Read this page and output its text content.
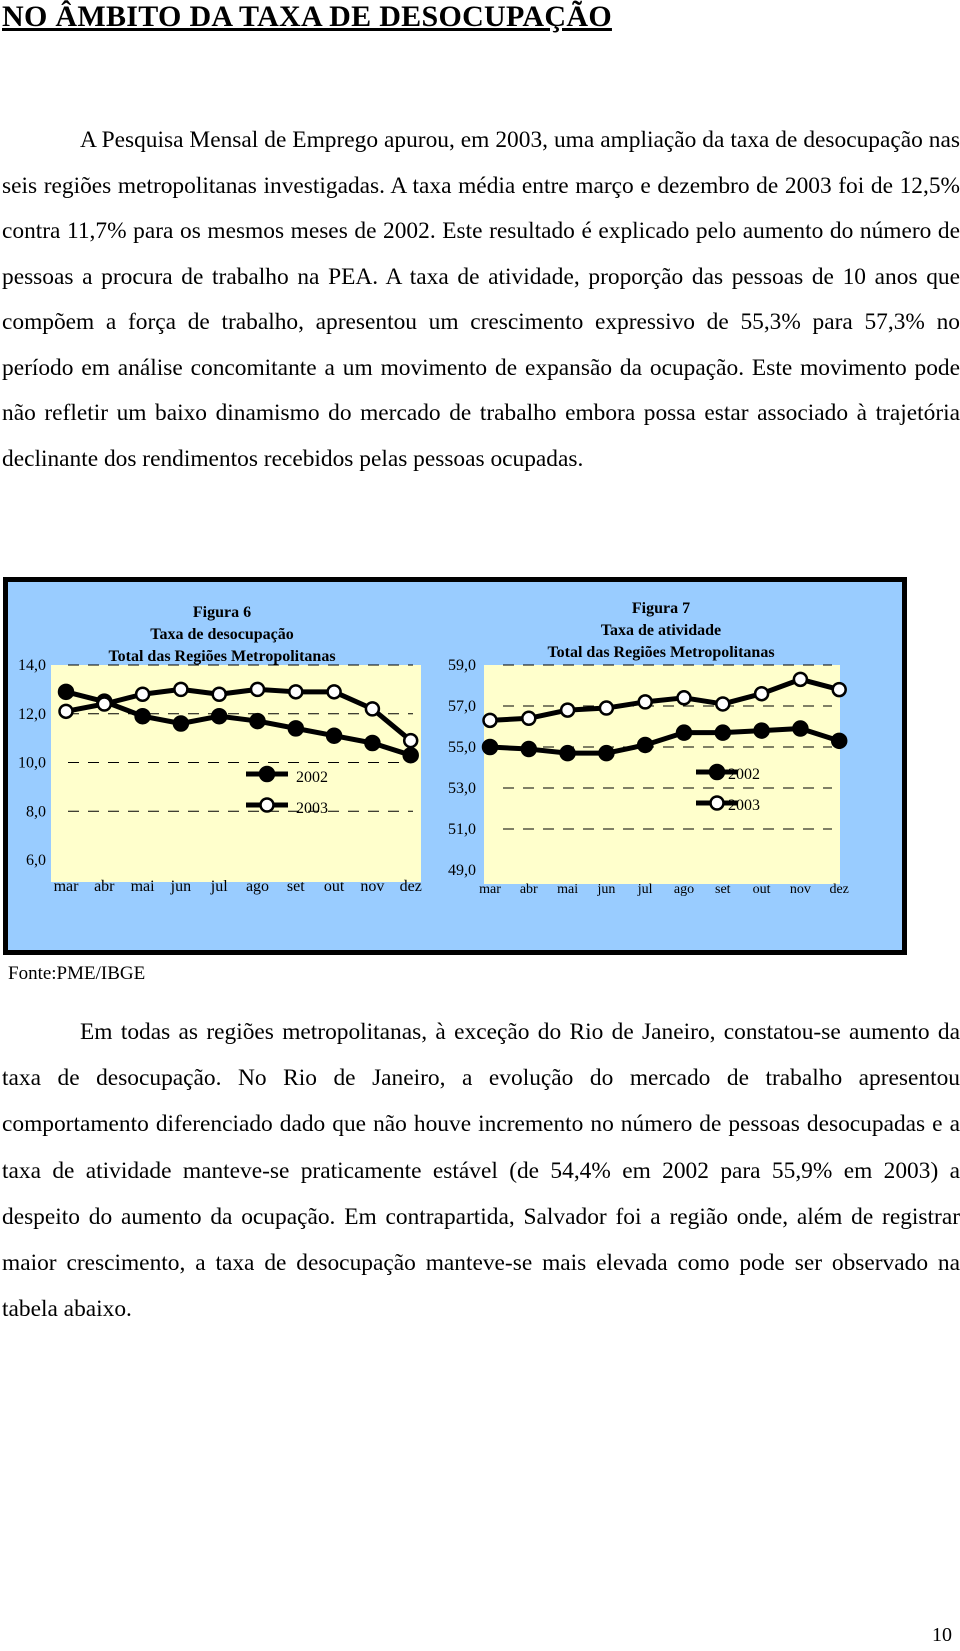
NO ÂMBITO DA TAXA DE DESOCUPAÇÃO

A Pesquisa Mensal de Emprego apurou, em 2003, uma ampliação da taxa de desocupação nas seis regiões metropolitanas investigadas. A taxa média entre março e dezembro de 2003 foi de 12,5% contra 11,7% para os mesmos meses de 2002. Este resultado é explicado pelo aumento do número de pessoas a procura de trabalho na PEA. A taxa de atividade, proporção das pessoas de 10 anos que compõem a força de trabalho, apresentou um crescimento expressivo de 55,3% para 57,3% no período em análise concomitante a um movimento de expansão da ocupação. Este movimento pode não refletir um baixo dinamismo do mercado de trabalho embora possa estar associado à trajetória declinante dos rendimentos recebidos pelas pessoas ocupadas.

Figura 6
Taxa de desocupação
Total das Regiões Metropolitanas
Figura 7
Taxa de atividade
Total das Regiões Metropolitanas
6,0
8,0
10,0
12,0
14,0
mar abr mai jun jul ago set out nov dez
2002
2003
49,0
51,0
53,0
55,0
57,0
59,0
mar abr mai jun jul ago set out nov dez
2002
2003
Fonte:PME/IBGE

Em todas as regiões metropolitanas, à exceção do Rio de Janeiro, constatou-se aumento da taxa de desocupação. No Rio de Janeiro, a evolução do mercado de trabalho apresentou comportamento diferenciado dado que não houve incremento no número de pessoas desocupadas e a taxa de atividade manteve-se praticamente estável (de 54,4% em 2002 para 55,9% em 2003) a despeito do aumento da ocupação. Em contrapartida, Salvador foi a região onde, além de registrar maior crescimento, a taxa de desocupação manteve-se mais elevada como pode ser observado na tabela abaixo.

10
